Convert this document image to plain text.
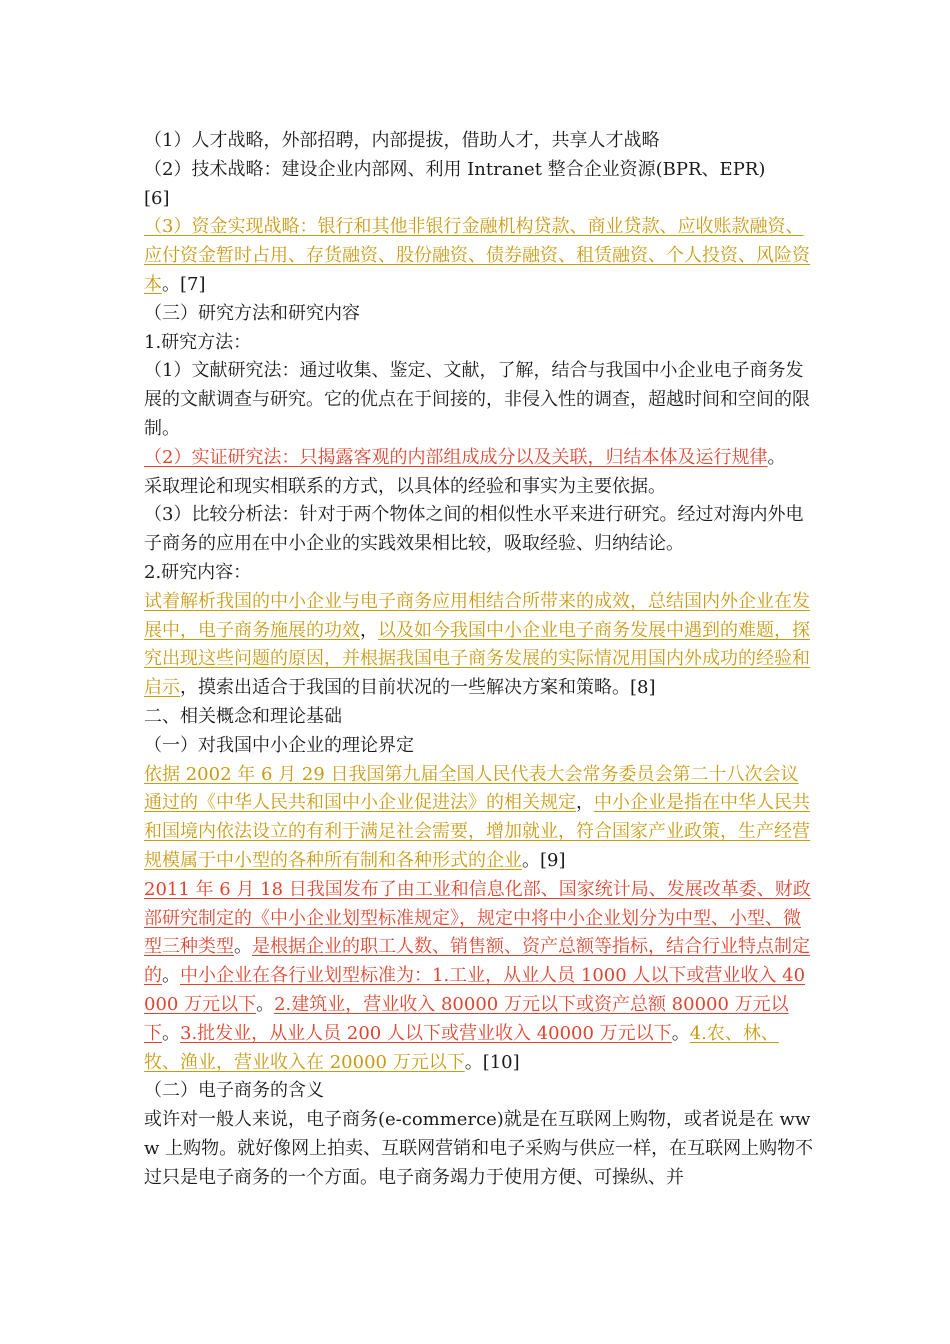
（1）人才战略，外部招聘，内部提拔，借助人才，共享人才战略

（2）技术战略：建设企业内部网、利用 Intranet 整合企业资源(BPR、EPR)

[6]

（3）资金实现战略：银行和其他非银行金融机构贷款、商业贷款、应收账款融资、应付资金暂时占用、存货融资、股份融资、债券融资、租赁融资、个人投资、风险资本。[7]

（三）研究方法和研究内容

1.研究方法：

（1）文献研究法：通过收集、鉴定、文献，了解，结合与我国中小企业电子商务发展的文献调查与研究。它的优点在于间接的，非侵入性的调查，超越时间和空间的限制。

（2）实证研究法：只揭露客观的内部组成成分以及关联，归结本体及运行规律。

采取理论和现实相联系的方式，以具体的经验和事实为主要依据。

（3）比较分析法：针对于两个物体之间的相似性水平来进行研究。经过对海内外电子商务的应用在中小企业的实践效果相比较，吸取经验、归纳结论。

2.研究内容：

试着解析我国的中小企业与电子商务应用相结合所带来的成效，总结国内外企业在发展中，电子商务施展的功效，以及如今我国中小企业电子商务发展中遇到的难题，探究出现这些问题的原因，并根据我国电子商务发展的实际情况用国内外成功的经验和启示，摸索出适合于我国的目前状况的一些解决方案和策略。[8]

二、相关概念和理论基础

（一）对我国中小企业的理论界定

依据 2002 年 6 月 29 日我国第九届全国人民代表大会常务委员会第二十八次会议通过的《中华人民共和国中小企业促进法》的相关规定，中小企业是指在中华人民共和国境内依法设立的有利于满足社会需要，增加就业，符合国家产业政策，生产经营规模属于中小型的各种所有制和各种形式的企业。[9]

2011 年 6 月 18 日我国发布了由工业和信息化部、国家统计局、发展改革委、财政部研究制定的《中小企业划型标准规定》，规定中将中小企业划分为中型、小型、微型三种类型。是根据企业的职工人数、销售额、资产总额等指标，结合行业特点制定的。中小企业在各行业划型标准为：1.工业，从业人员 1000 人以下或营业收入 40000 万元以下。2.建筑业，营业收入 80000 万元以下或资产总额 80000 万元以下。3.批发业，从业人员 200 人以下或营业收入 40000 万元以下。4.农、林、牧、渔业，营业收入在 20000 万元以下。[10]

（二）电子商务的含义

或许对一般人来说，电子商务(e-commerce)就是在互联网上购物，或者说是在 www 上购物。就好像网上拍卖、互联网营销和电子采购与供应一样，在互联网上购物不过只是电子商务的一个方面。电子商务竭力于使用方便、可操纵、并
